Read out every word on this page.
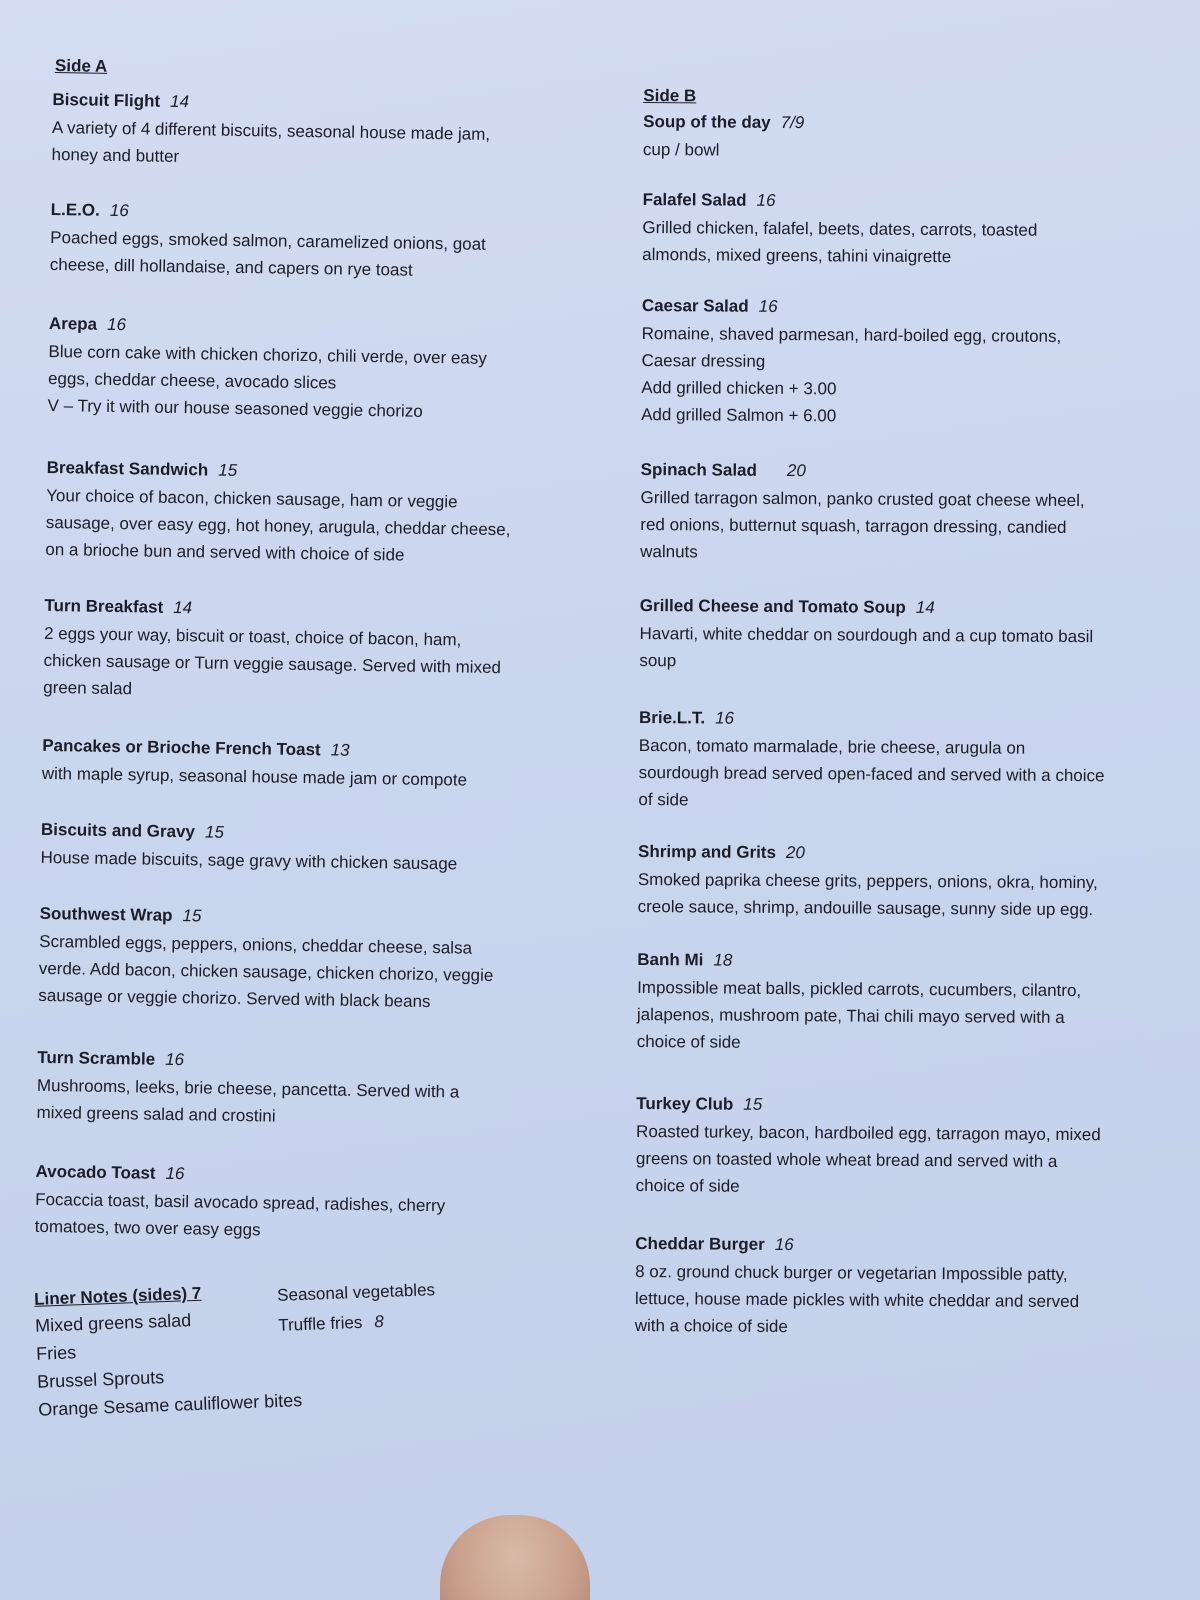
Side A
Biscuit Flight 14
A variety of 4 different biscuits, seasonal house made jam,
honey and butter
L.E.O. 16
Poached eggs, smoked salmon, caramelized onions, goat
cheese, dill hollandaise, and capers on rye toast
Arepa 16
Blue corn cake with chicken chorizo, chili verde, over easy
eggs, cheddar cheese, avocado slices
V – Try it with our house seasoned veggie chorizo
Breakfast Sandwich 15
Your choice of bacon, chicken sausage, ham or veggie
sausage, over easy egg, hot honey, arugula, cheddar cheese,
on a brioche bun and served with choice of side
Turn Breakfast 14
2 eggs your way, biscuit or toast, choice of bacon, ham,
chicken sausage or Turn veggie sausage. Served with mixed
green salad
Pancakes or Brioche French Toast 13
with maple syrup, seasonal house made jam or compote
Biscuits and Gravy 15
House made biscuits, sage gravy with chicken sausage
Southwest Wrap 15
Scrambled eggs, peppers, onions, cheddar cheese, salsa
verde. Add bacon, chicken sausage, chicken chorizo, veggie
sausage or veggie chorizo. Served with black beans
Turn Scramble 16
Mushrooms, leeks, brie cheese, pancetta. Served with a
mixed greens salad and crostini
Avocado Toast 16
Focaccia toast, basil avocado spread, radishes, cherry
tomatoes, two over easy eggs
Liner Notes (sides) 7
Mixed greens salad
Fries
Brussel Sprouts
Orange Sesame cauliflower bites
Seasonal vegetables
Truffle fries 8
Side B
Soup of the day 7/9
cup / bowl
Falafel Salad 16
Grilled chicken, falafel, beets, dates, carrots, toasted
almonds, mixed greens, tahini vinaigrette
Caesar Salad 16
Romaine, shaved parmesan, hard-boiled egg, croutons,
Caesar dressing
Add grilled chicken + 3.00
Add grilled Salmon + 6.00
Spinach Salad 20
Grilled tarragon salmon, panko crusted goat cheese wheel,
red onions, butternut squash, tarragon dressing, candied
walnuts
Grilled Cheese and Tomato Soup 14
Havarti, white cheddar on sourdough and a cup tomato basil
soup
Brie.L.T. 16
Bacon, tomato marmalade, brie cheese, arugula on
sourdough bread served open-faced and served with a choice
of side
Shrimp and Grits 20
Smoked paprika cheese grits, peppers, onions, okra, hominy,
creole sauce, shrimp, andouille sausage, sunny side up egg.
Banh Mi 18
Impossible meat balls, pickled carrots, cucumbers, cilantro,
jalapenos, mushroom pate, Thai chili mayo served with a
choice of side
Turkey Club 15
Roasted turkey, bacon, hardboiled egg, tarragon mayo, mixed
greens on toasted whole wheat bread and served with a
choice of side
Cheddar Burger 16
8 oz. ground chuck burger or vegetarian Impossible patty,
lettuce, house made pickles with white cheddar and served
with a choice of side
